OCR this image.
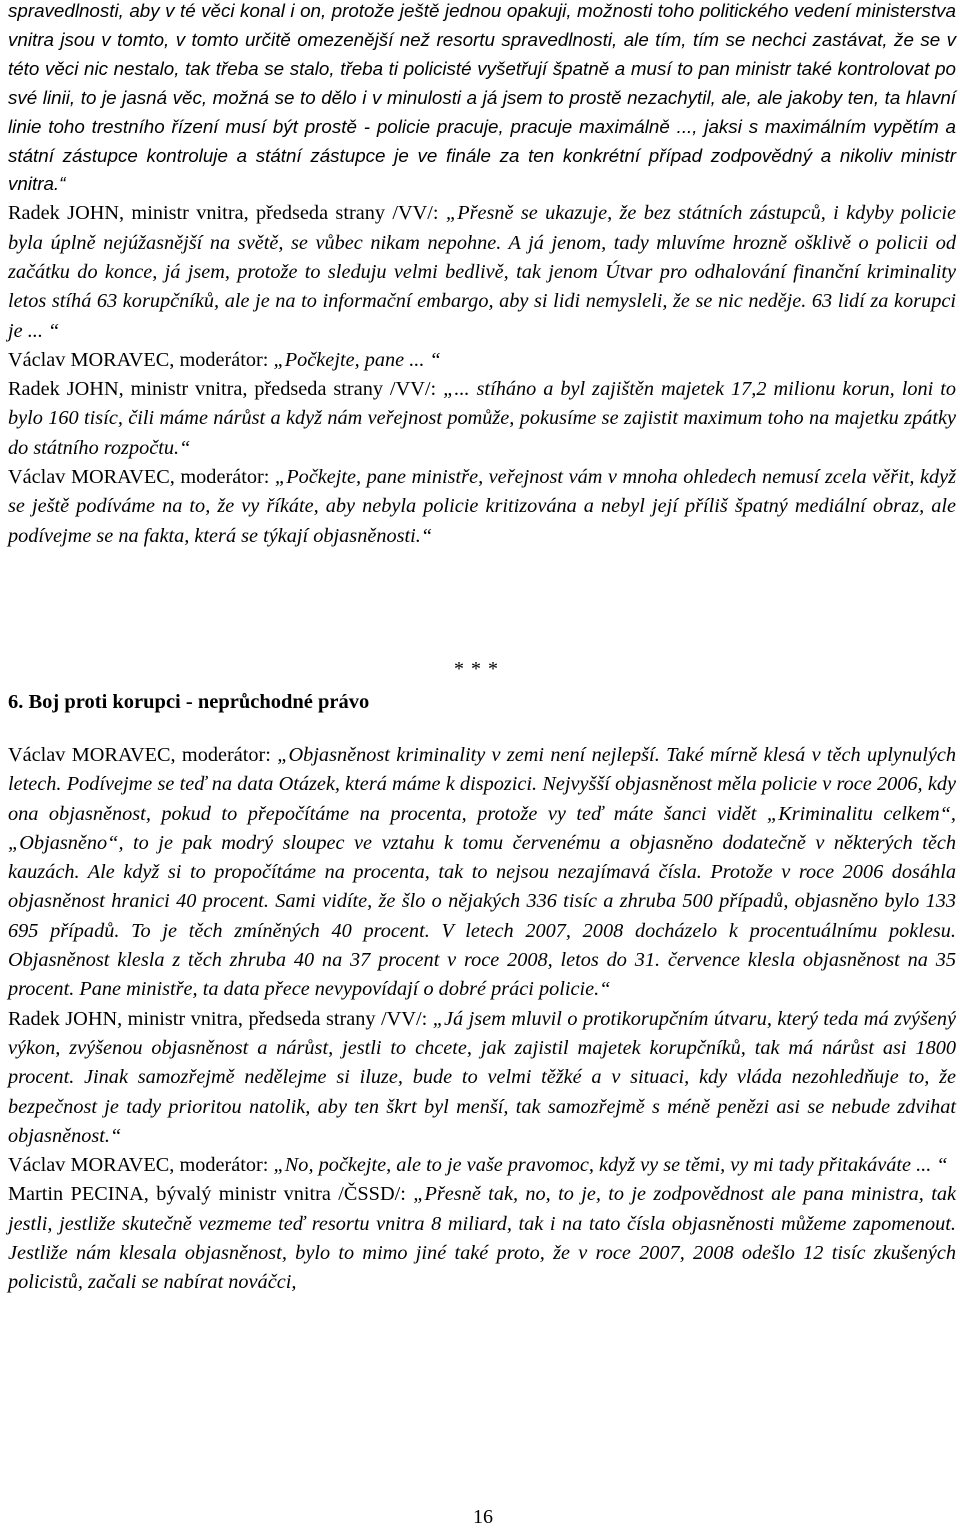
spravedlnosti, aby v té věci konal i on, protože ještě jednou opakuji, možnosti toho politického vedení ministerstva vnitra jsou v tomto, v tomto určitě omezenější než resortu spravedlnosti, ale tím, tím se nechci zastávat, že se v této věci nic nestalo, tak třeba se stalo, třeba ti policisté vyšetřují špatně a musí to pan ministr také kontrolovat po své linii, to je jasná věc, možná se to dělo i v minulosti a já jsem to prostě nezachytil, ale, ale jakoby ten, ta hlavní linie toho trestního řízení musí být prostě - policie pracuje, pracuje maximálně ..., jaksi s maximálním vypětím a státní zástupce kontroluje a státní zástupce je ve finále za ten konkrétní případ zodpovědný a nikoliv ministr vnitra.“

Radek JOHN, ministr vnitra, předseda strany /VV/: „Přesně se ukazuje, že bez státních zástupců, i kdyby policie byla úplně nejúžasnější na světě, se vůbec nikam nepohne. A já jenom, tady mluvíme hrozně ošklivě o policii od začátku do konce, já jsem, protože to sleduju velmi bedlivě, tak jenom Útvar pro odhalování finanční kriminality letos stíhá 63 korupčníků, ale je na to informační embargo, aby si lidi nemysleli, že se nic neděje. 63 lidí za korupci je ... “

Václav MORAVEC, moderátor: „Počkejte, pane ... “

Radek JOHN, ministr vnitra, předseda strany /VV/: „... stíháno a byl zajištěn majetek 17,2 milionu korun, loni to bylo 160 tisíc, čili máme nárůst a když nám veřejnost pomůže, pokusíme se zajistit maximum toho na majetku zpátky do státního rozpočtu.“

Václav MORAVEC, moderátor: „Počkejte, pane ministře, veřejnost vám v mnoha ohledech nemusí zcela věřit, když se ještě podíváme na to, že vy říkáte, aby nebyla policie kritizována a nebyl její příliš špatný mediální obraz, ale podívejme se na fakta, která se týkají objasněnosti.“

* * *
6. Boj proti korupci - neprůchodné právo

Václav MORAVEC, moderátor: „Objasněnost kriminality v zemi není nejlepší. Také mírně klesá v těch uplynulých letech. Podívejme se teď na data Otázek, která máme k dispozici. Nejvyšší objasněnost měla policie v roce 2006, kdy ona objasněnost, pokud to přepočítáme na procenta, protože vy teď máte šanci vidět „Kriminalitu celkem“, „Objasněno“, to je pak modrý sloupec ve vztahu k tomu červenému a objasněno dodatečně v některých těch kauzách. Ale když si to propočítáme na procenta, tak to nejsou nezajímavá čísla. Protože v roce 2006 dosáhla objasněnost hranici 40 procent. Sami vidíte, že šlo o nějakých 336 tisíc a zhruba 500 případů, objasněno bylo 133 695 případů. To je těch zmíněných 40 procent. V letech 2007, 2008 docházelo k procentuálnímu poklesu. Objasněnost klesla z těch zhruba 40 na 37 procent v roce 2008, letos do 31. července klesla objasněnost na 35 procent. Pane ministře, ta data přece nevypovídají o dobré práci policie.“

Radek JOHN, ministr vnitra, předseda strany /VV/: „Já jsem mluvil o protikorupčním útvaru, který teda má zvýšený výkon, zvýšenou objasněnost a nárůst, jestli to chcete, jak zajistil majetek korupčníků, tak má nárůst asi 1800 procent. Jinak samozřejmě nedělejme si iluze, bude to velmi těžké a v situaci, kdy vláda nezohledňuje to, že bezpečnost je tady prioritou natolik, aby ten škrt byl menší, tak samozřejmě s méně penězi asi se nebude zdvihat objasněnost.“

Václav MORAVEC, moderátor: „No, počkejte, ale to je vaše pravomoc, když vy se těmi, vy mi tady přitakáváte ... “

Martin PECINA, bývalý ministr vnitra /ČSSD/: „Přesně tak, no, to je, to je zodpovědnost ale pana ministra, tak jestli, jestliže skutečně vezmeme teď resortu vnitra 8 miliard, tak i na tato čísla objasněnosti můžeme zapomenout. Jestliže nám klesala objasněnost, bylo to mimo jiné také proto, že v roce 2007, 2008 odešlo 12 tisíc zkušených policistů, začali se nabírat nováčci,

16
